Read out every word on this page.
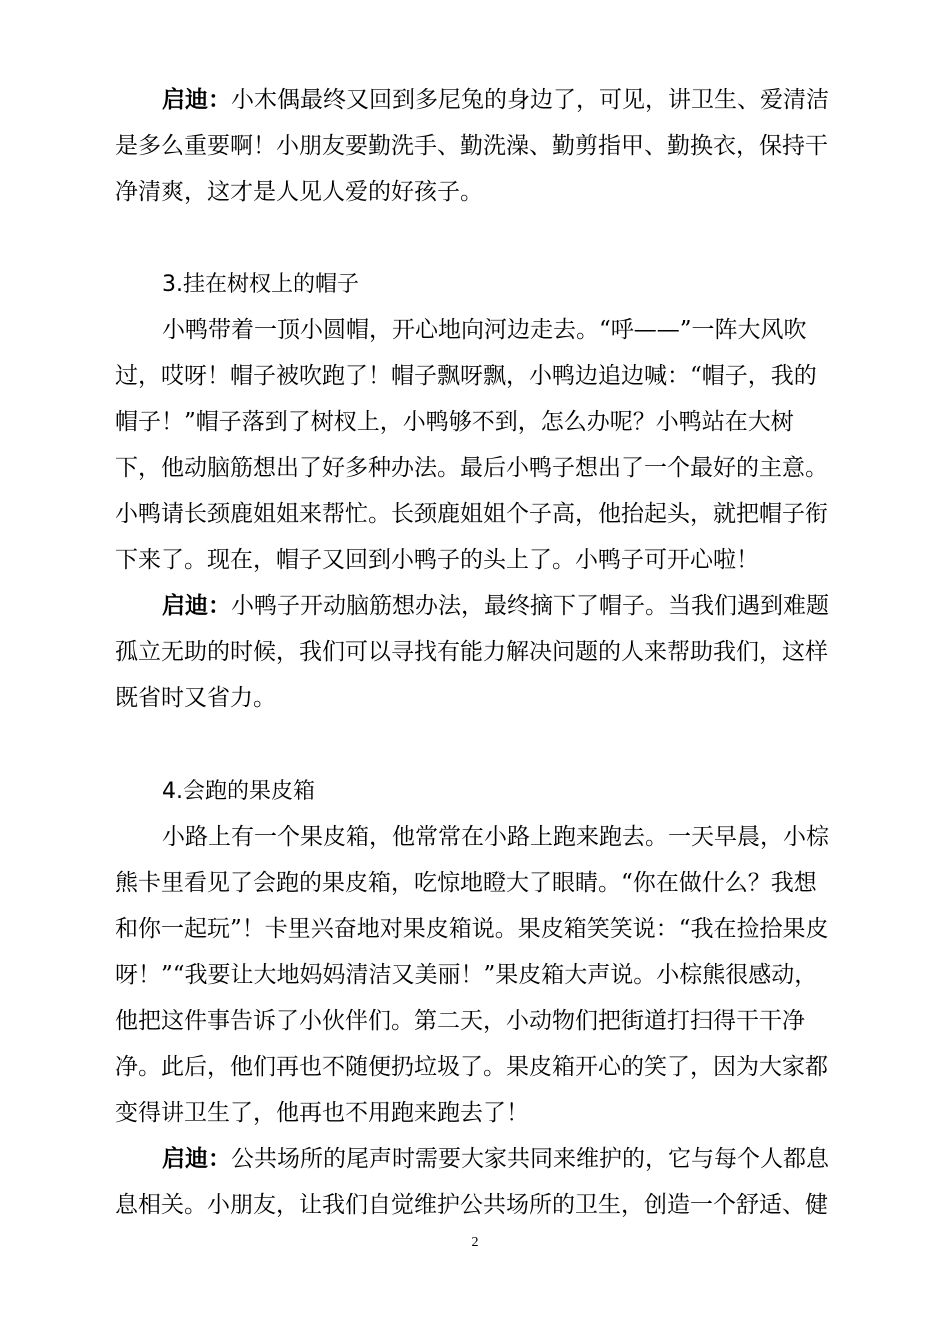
启迪：小木偶最终又回到多尼兔的身边了，可见，讲卫生、爱清洁
是多么重要啊！小朋友要勤洗手、勤洗澡、勤剪指甲、勤换衣，保持干
净清爽，这才是人见人爱的好孩子。
3.挂在树杈上的帽子
小鸭带着一顶小圆帽，开心地向河边走去。“呼——”一阵大风吹
过，哎呀！帽子被吹跑了！帽子飘呀飘，小鸭边追边喊：“帽子，我的
帽子！”帽子落到了树杈上，小鸭够不到，怎么办呢？小鸭站在大树
下，他动脑筋想出了好多种办法。最后小鸭子想出了一个最好的主意。
小鸭请长颈鹿姐姐来帮忙。长颈鹿姐姐个子高，他抬起头，就把帽子衔
下来了。现在，帽子又回到小鸭子的头上了。小鸭子可开心啦！
启迪：小鸭子开动脑筋想办法，最终摘下了帽子。当我们遇到难题
孤立无助的时候，我们可以寻找有能力解决问题的人来帮助我们，这样
既省时又省力。
4.会跑的果皮箱
小路上有一个果皮箱，他常常在小路上跑来跑去。一天早晨，小棕
熊卡里看见了会跑的果皮箱，吃惊地瞪大了眼睛。“你在做什么？我想
和你一起玩”！卡里兴奋地对果皮箱说。果皮箱笑笑说：“我在捡拾果皮
呀！”“我要让大地妈妈清洁又美丽！”果皮箱大声说。小棕熊很感动，
他把这件事告诉了小伙伴们。第二天，小动物们把街道打扫得干干净
净。此后，他们再也不随便扔垃圾了。果皮箱开心的笑了，因为大家都
变得讲卫生了，他再也不用跑来跑去了！
启迪：公共场所的尾声时需要大家共同来维护的，它与每个人都息
息相关。小朋友，让我们自觉维护公共场所的卫生，创造一个舒适、健
2
